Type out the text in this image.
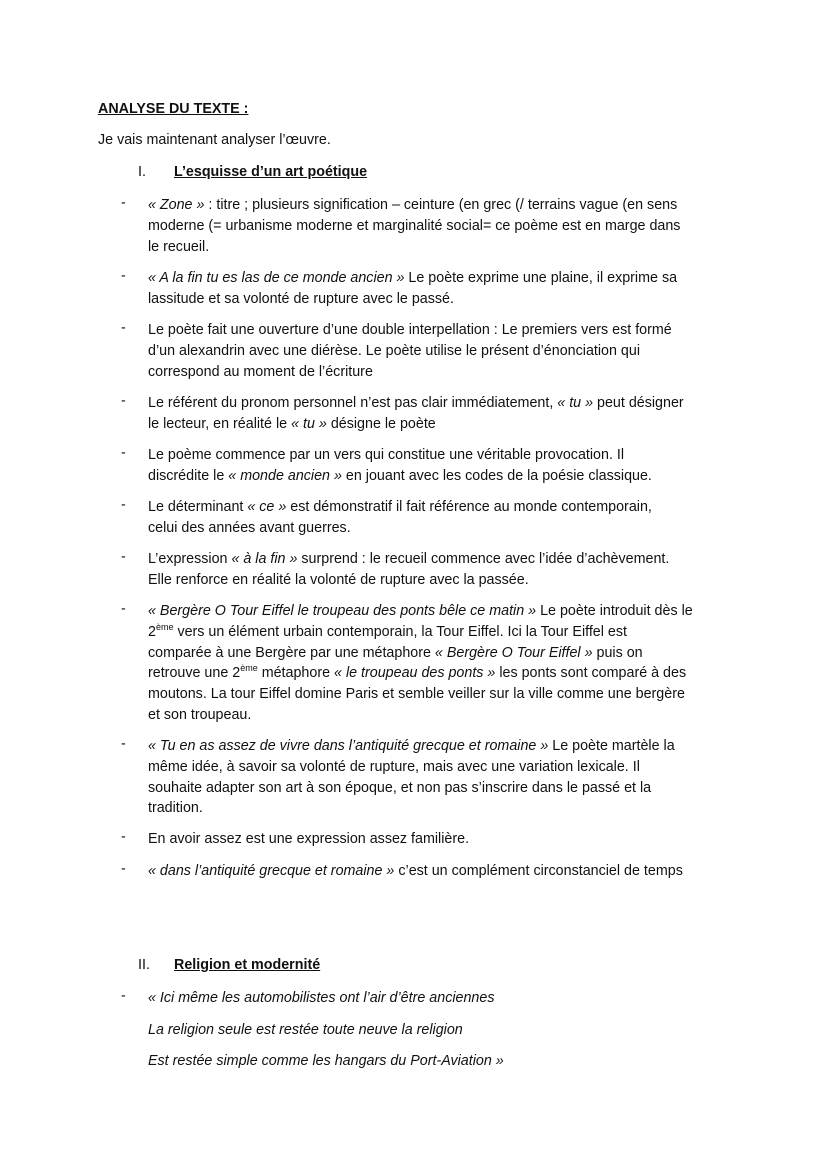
ANALYSE DU TEXTE :
Je vais maintenant analyser l’œuvre.
I. L’esquisse d’un art poétique
- « Zone » : titre ; plusieurs signification – ceinture (en grec (/ terrains vague (en sens
moderne (= urbanisme moderne et marginalité social= ce poème est en marge dans
le recueil.
- « A la fin tu es las de ce monde ancien » Le poète exprime une plaine, il exprime sa
lassitude et sa volonté de rupture avec le passé.
- Le poète fait une ouverture d’une double interpellation : Le premiers vers est formé
d’un alexandrin avec une diérèse. Le poète utilise le présent d’énonciation qui
correspond au moment de l’écriture
- Le référent du pronom personnel n’est pas clair immédiatement, « tu » peut désigner
le lecteur, en réalité le « tu » désigne le poète
- Le poème commence par un vers qui constitue une véritable provocation. Il
discrédite le « monde ancien » en jouant avec les codes de la poésie classique.
- Le déterminant « ce » est démonstratif il fait référence au monde contemporain,
celui des années avant guerres.
- L’expression « à la fin » surprend : le recueil commence avec l’idée d’achèvement.
Elle renforce en réalité la volonté de rupture avec la passée.
- « Bergère O Tour Eiffel le troupeau des ponts bêle ce matin » Le poète introduit dès le
2ème vers un élément urbain contemporain, la Tour Eiffel. Ici la Tour Eiffel est
comparée à une Bergère par une métaphore « Bergère O Tour Eiffel » puis on
retrouve une 2ème métaphore « le troupeau des ponts » les ponts sont comparé à des
moutons. La tour Eiffel domine Paris et semble veiller sur la ville comme une bergère
et son troupeau.
- « Tu en as assez de vivre dans l’antiquité grecque et romaine » Le poète martèle la
même idée, à savoir sa volonté de rupture, mais avec une variation lexicale. Il
souhaite adapter son art à son époque, et non pas s’inscrire dans le passé et la
tradition.
- En avoir assez est une expression assez familière.
- « dans l’antiquité grecque et romaine » c’est un complément circonstanciel de temps
II. Religion et modernité
- « Ici même les automobilistes ont l’air d’être anciennes
La religion seule est restée toute neuve la religion
Est restée simple comme les hangars du Port-Aviation »
